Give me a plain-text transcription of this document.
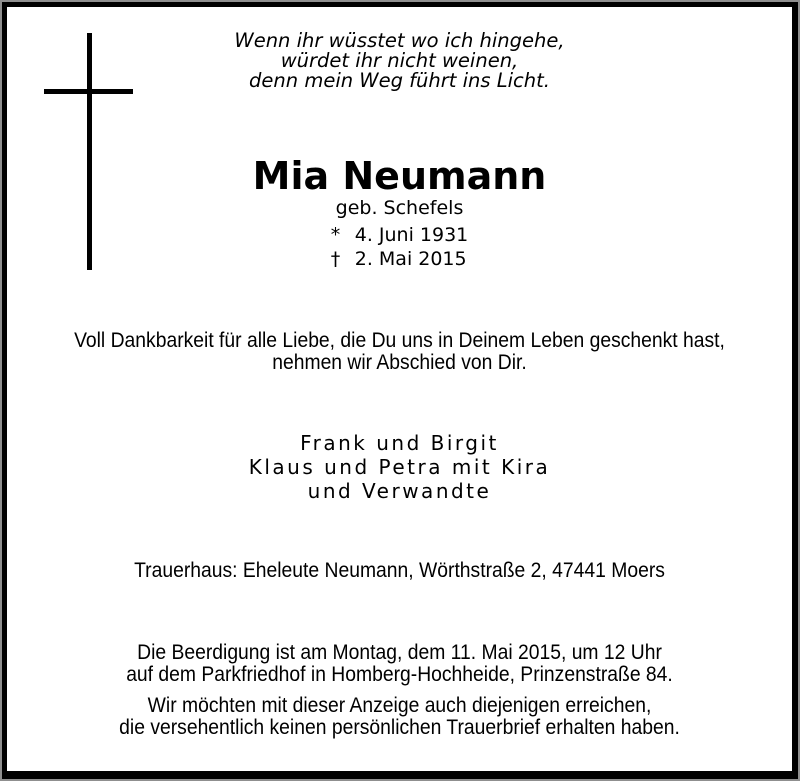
Wenn ihr wüsstet wo ich hingehe,
würdet ihr nicht weinen,
denn mein Weg führt ins Licht.
Mia Neumann
geb. Schefels
* 4. Juni 1931
† 2. Mai 2015
Voll Dankbarkeit für alle Liebe, die Du uns in Deinem Leben geschenkt hast,
nehmen wir Abschied von Dir.
Frank und Birgit
Klaus und Petra mit Kira
und Verwandte
Trauerhaus: Eheleute Neumann, Wörthstraße 2, 47441 Moers
Die Beerdigung ist am Montag, dem 11. Mai 2015, um 12 Uhr
auf dem Parkfriedhof in Homberg-Hochheide, Prinzenstraße 84.
Wir möchten mit dieser Anzeige auch diejenigen erreichen,
die versehentlich keinen persönlichen Trauerbrief erhalten haben.
